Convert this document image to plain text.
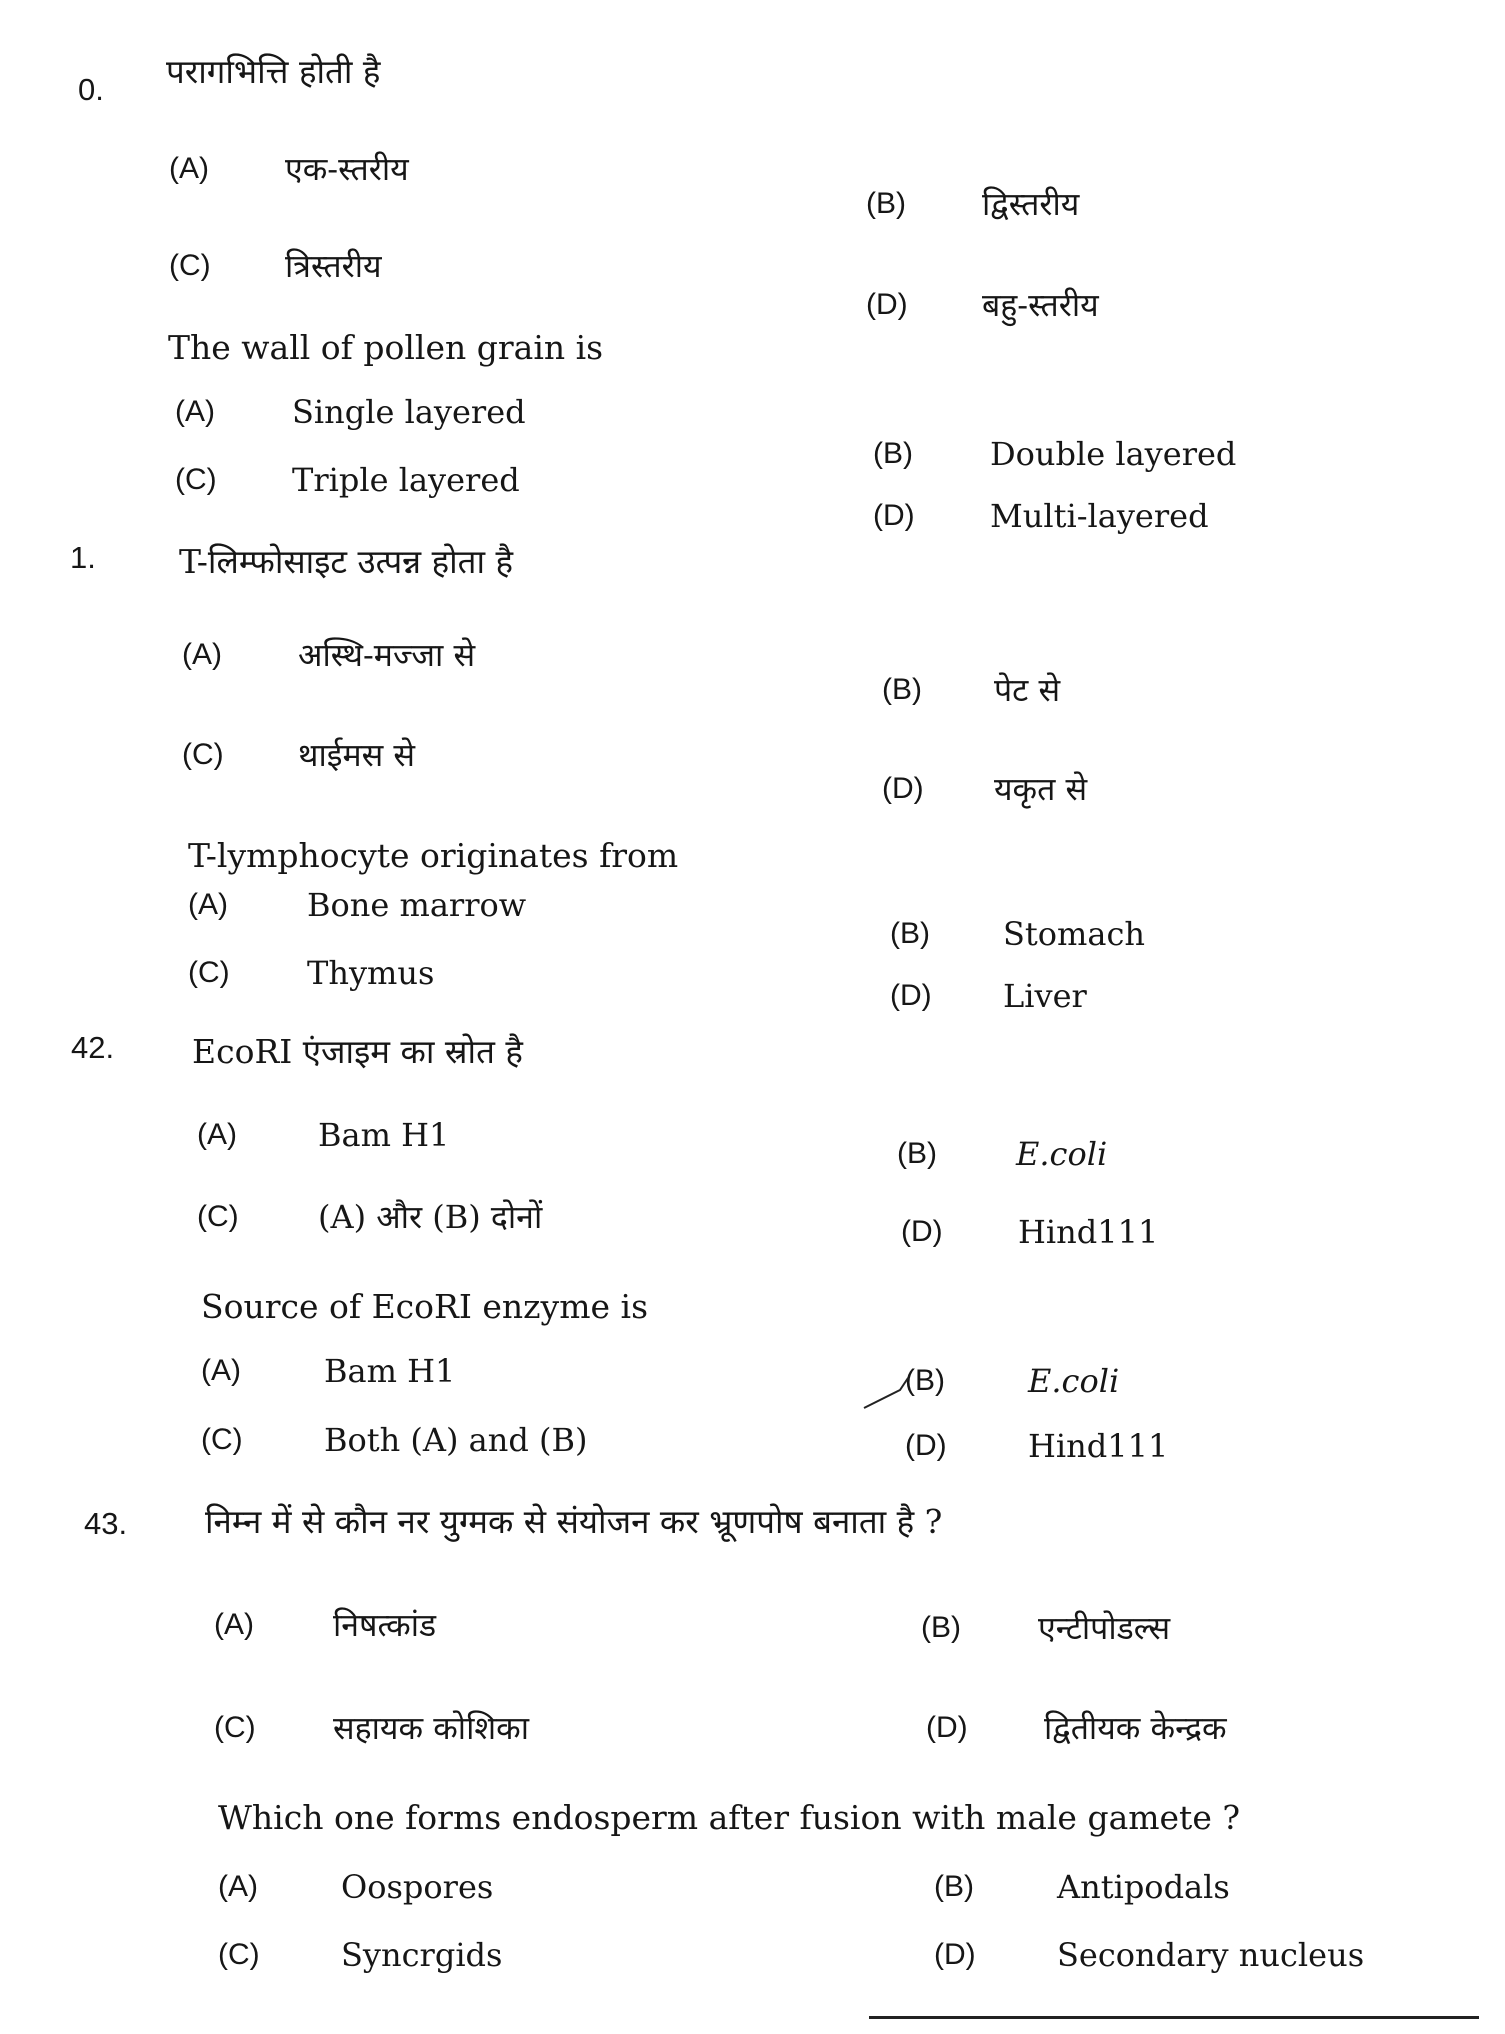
0. परागभित्ति होती है
The wall of pollen grain is
(A) एक-स्तरीय
(B) द्विस्तरीय
(C) त्रिस्तरीय
(D) बहु-स्तरीय
(A) Single layered
(B) Double layered
(C) Triple layered
(D) Multi-layered
1.	T-लिम्फोसाइट उत्पन्न होता है
T-lymphocyte originates from
(A) अस्थि-मज्जा से
(B) पेट से
(C) थाईमस से
(D) यकृत से
(A) Bone marrow
(B) Stomach
(C) Thymus
(D) Liver
42. EcoRI एंजाइम का स्रोत है
Source of EcoRI enzyme is
(A)	Bam H1	(B) E.coli
(C) (A) और (B) दोनों	(D) Hind111
(A)	Bam H1	(B)	E.coli
(C)	Both (A) and (B)	(D)	Hind111
43. निम्न में से कौन नर युग्मक से संयोजन कर भ्रूणपोष बनाता है ?
Which one forms endosperm after fusion with male gamete ?
(A) निषत्कांड	(B) एन्टीपोडल्स
(C) सहायक कोशिका	(D) द्वितीयक केन्द्रक
(A)	Oospores	(B)	Antipodals
(C)	Syncrgids	(D)	Secondary nucleus
